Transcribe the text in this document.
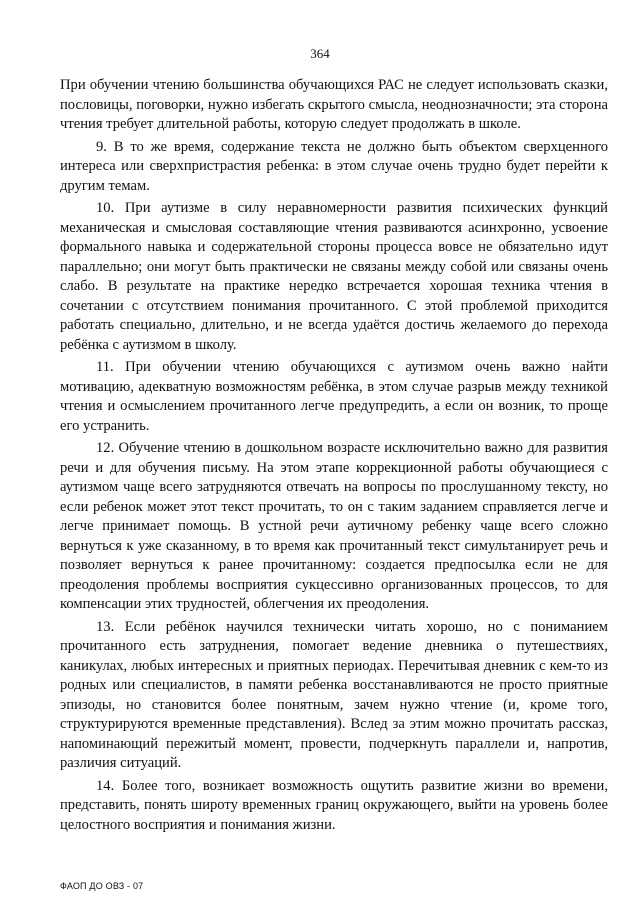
364

При обучении чтению большинства обучающихся РАС не следует использовать сказки, пословицы, поговорки, нужно избегать скрытого смысла, неоднозначности; эта сторона чтения требует длительной работы, которую следует продолжать в школе.

9. В то же время, содержание текста не должно быть объектом сверхценного интереса или сверхпристрастия ребенка: в этом случае очень трудно будет перейти к другим темам.

10. При аутизме в силу неравномерности развития психических функций механическая и смысловая составляющие чтения развиваются асинхронно, усвоение формального навыка и содержательной стороны процесса вовсе не обязательно идут параллельно; они могут быть практически не связаны между собой или связаны очень слабо. В результате на практике нередко встречается хорошая техника чтения в сочетании с отсутствием понимания прочитанного. С этой проблемой приходится работать специально, длительно, и не всегда удаётся достичь желаемого до перехода ребёнка с аутизмом в школу.

11. При обучении чтению обучающихся с аутизмом очень важно найти мотивацию, адекватную возможностям ребёнка, в этом случае разрыв между техникой чтения и осмыслением прочитанного легче предупредить, а если он возник, то проще его устранить.

12. Обучение чтению в дошкольном возрасте исключительно важно для развития речи и для обучения письму. На этом этапе коррекционной работы обучающиеся с аутизмом чаще всего затрудняются отвечать на вопросы по прослушанному тексту, но если ребенок может этот текст прочитать, то он с таким заданием справляется легче и легче принимает помощь. В устной речи аутичному ребенку чаще всего сложно вернуться к уже сказанному, в то время как прочитанный текст симультанирует речь и позволяет вернуться к ранее прочитанному: создается предпосылка если не для преодоления проблемы восприятия сукцессивно организованных процессов, то для компенсации этих трудностей, облегчения их преодоления.

13. Если ребёнок научился технически читать хорошо, но с пониманием прочитанного есть затруднения, помогает ведение дневника о путешествиях, каникулах, любых интересных и приятных периодах. Перечитывая дневник с кем-то из родных или специалистов, в памяти ребенка восстанавливаются не просто приятные эпизоды, но становится более понятным, зачем нужно чтение (и, кроме того, структурируются временные представления). Вслед за этим можно прочитать рассказ, напоминающий пережитый момент, провести, подчеркнуть параллели и, напротив, различия ситуаций.

14. Более того, возникает возможность ощутить развитие жизни во времени, представить, понять широту временных границ окружающего, выйти на уровень более целостного восприятия и понимания жизни.

ФАОП ДО ОВЗ - 07
